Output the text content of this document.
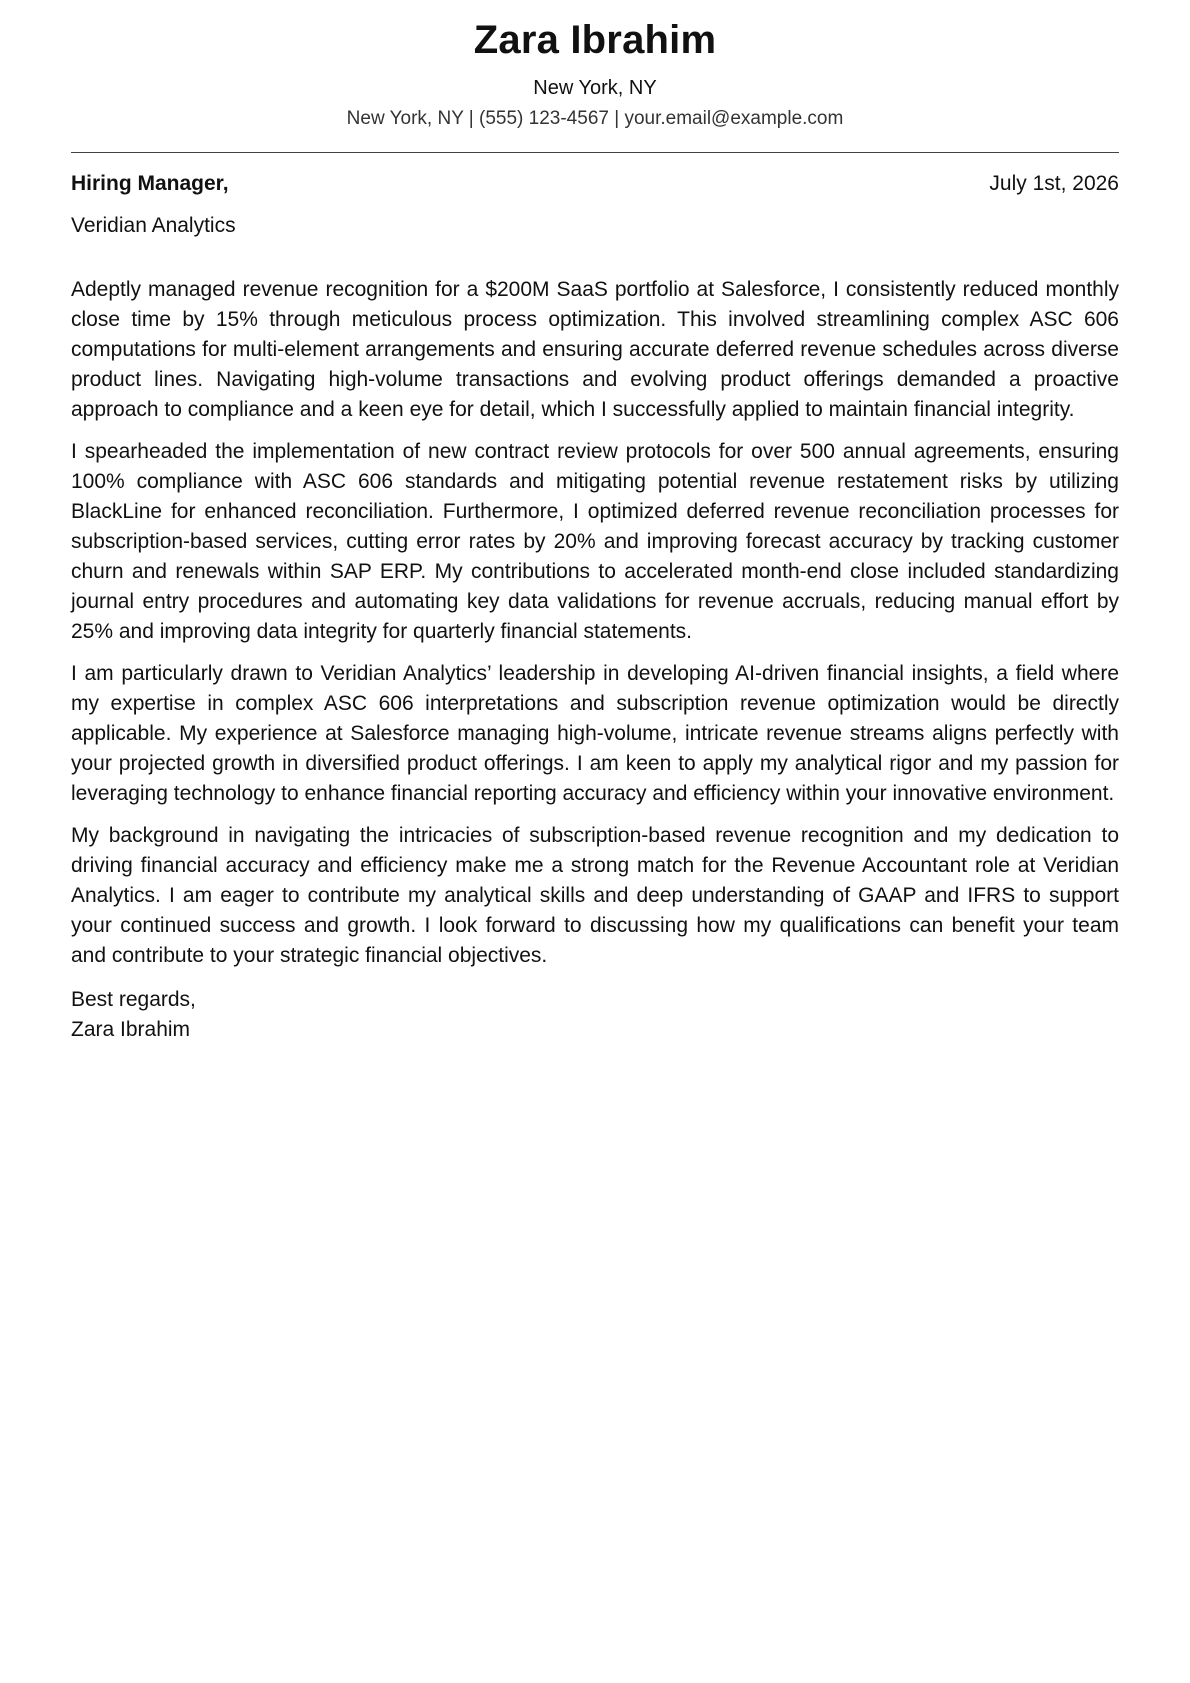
Zara Ibrahim
New York, NY
New York, NY | (555) 123-4567 | your.email@example.com
Hiring Manager,	July 1st, 2026
Veridian Analytics

Adeptly managed revenue recognition for a $200M SaaS portfolio at Salesforce, I consistently reduced monthly close time by 15% through meticulous process optimization. This involved streamlining complex ASC 606 computations for multi-element arrangements and ensuring accurate deferred revenue schedules across diverse product lines. Navigating high-volume transactions and evolving product offerings demanded a proactive approach to compliance and a keen eye for detail, which I successfully applied to maintain financial integrity.

I spearheaded the implementation of new contract review protocols for over 500 annual agreements, ensuring 100% compliance with ASC 606 standards and mitigating potential revenue restatement risks by utilizing BlackLine for enhanced reconciliation. Furthermore, I optimized deferred revenue reconciliation processes for subscription-based services, cutting error rates by 20% and improving forecast accuracy by tracking customer churn and renewals within SAP ERP. My contributions to accelerated month-end close included standardizing journal entry procedures and automating key data validations for revenue accruals, reducing manual effort by 25% and improving data integrity for quarterly financial statements.

I am particularly drawn to Veridian Analytics’ leadership in developing AI-driven financial insights, a field where my expertise in complex ASC 606 interpretations and subscription revenue optimization would be directly applicable. My experience at Salesforce managing high-volume, intricate revenue streams aligns perfectly with your projected growth in diversified product offerings. I am keen to apply my analytical rigor and my passion for leveraging technology to enhance financial reporting accuracy and efficiency within your innovative environment.

My background in navigating the intricacies of subscription-based revenue recognition and my dedication to driving financial accuracy and efficiency make me a strong match for the Revenue Accountant role at Veridian Analytics. I am eager to contribute my analytical skills and deep understanding of GAAP and IFRS to support your continued success and growth. I look forward to discussing how my qualifications can benefit your team and contribute to your strategic financial objectives.

Best regards,
Zara Ibrahim
